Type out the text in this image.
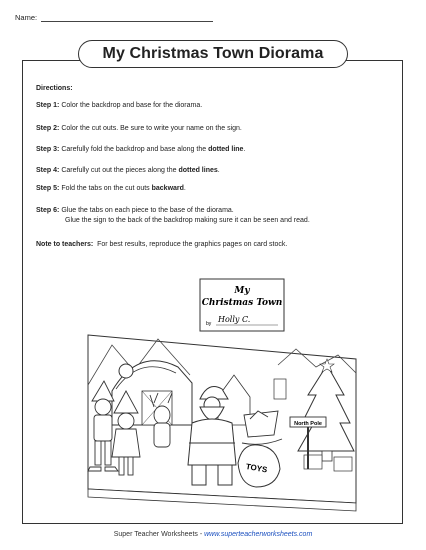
Name:
My Christmas Town Diorama
Directions:
Step 1: Color the backdrop and base for the diorama.
Step 2: Color the cut outs. Be sure to write your name on the sign.
Step 3: Carefully fold the backdrop and base along the dotted line.
Step 4: Carefully cut out the pieces along the dotted lines.
Step 5: Fold the tabs on the cut outs backward.
Step 6: Glue the tabs on each piece to the base of the diorama.
Glue the sign to the back of the backdrop making sure it can be seen and read.
Note to teachers: For best results, reproduce the graphics pages on card stock.
My
Christmas Town
by Holly C.
TOYS
North Pole
Super Teacher Worksheets - www.superteacherworksheets.com
